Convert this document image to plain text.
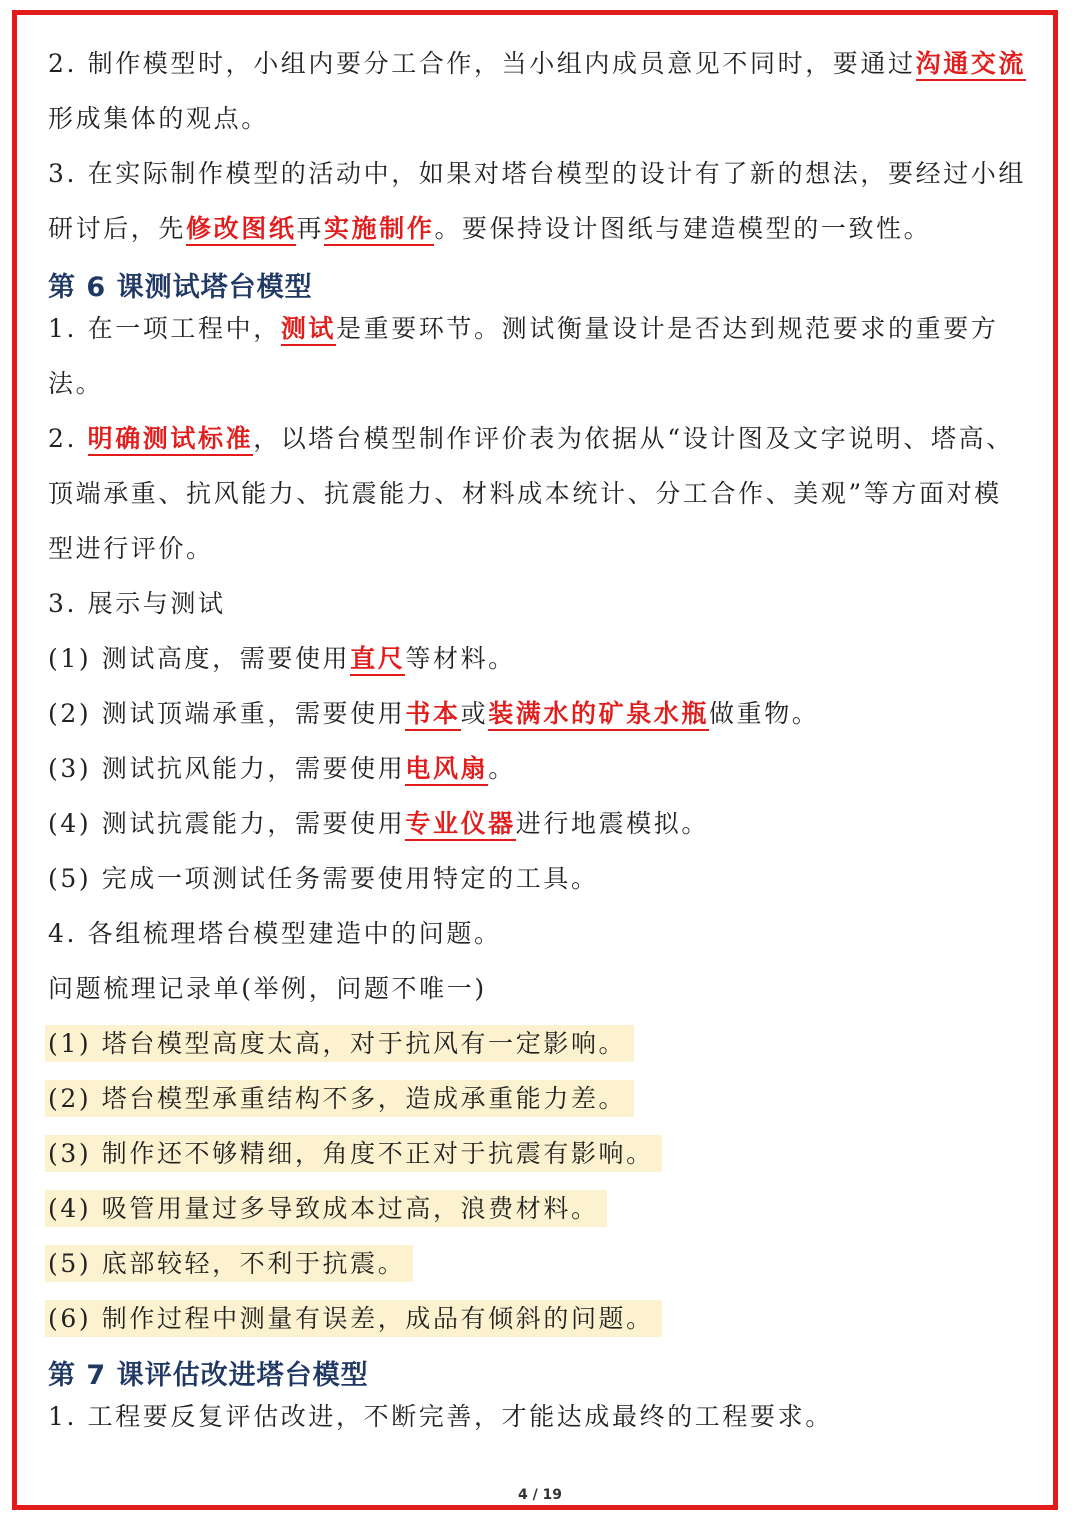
2. 制作模型时，小组内要分工合作，当小组内成员意见不同时，要通过沟通交流
形成集体的观点。
3. 在实际制作模型的活动中，如果对塔台模型的设计有了新的想法，要经过小组
研讨后，先修改图纸再实施制作。要保持设计图纸与建造模型的一致性。
第 6 课测试塔台模型
1. 在一项工程中，测试是重要环节。测试衡量设计是否达到规范要求的重要方
法。
2. 明确测试标准，以塔台模型制作评价表为依据从“设计图及文字说明、塔高、
顶端承重、抗风能力、抗震能力、材料成本统计、分工合作、美观”等方面对模
型进行评价。
3. 展示与测试
(1) 测试高度，需要使用直尺等材料。
(2) 测试顶端承重，需要使用书本或装满水的矿泉水瓶做重物。
(3) 测试抗风能力，需要使用电风扇。
(4) 测试抗震能力，需要使用专业仪器进行地震模拟。
(5) 完成一项测试任务需要使用特定的工具。
4. 各组梳理塔台模型建造中的问题。
问题梳理记录单(举例，问题不唯一)
(1) 塔台模型高度太高，对于抗风有一定影响。
(2) 塔台模型承重结构不多，造成承重能力差。
(3) 制作还不够精细，角度不正对于抗震有影响。
(4) 吸管用量过多导致成本过高，浪费材料。
(5) 底部较轻，不利于抗震。
(6) 制作过程中测量有误差，成品有倾斜的问题。
第 7 课评估改进塔台模型
1. 工程要反复评估改进，不断完善，才能达成最终的工程要求。
4 / 19
